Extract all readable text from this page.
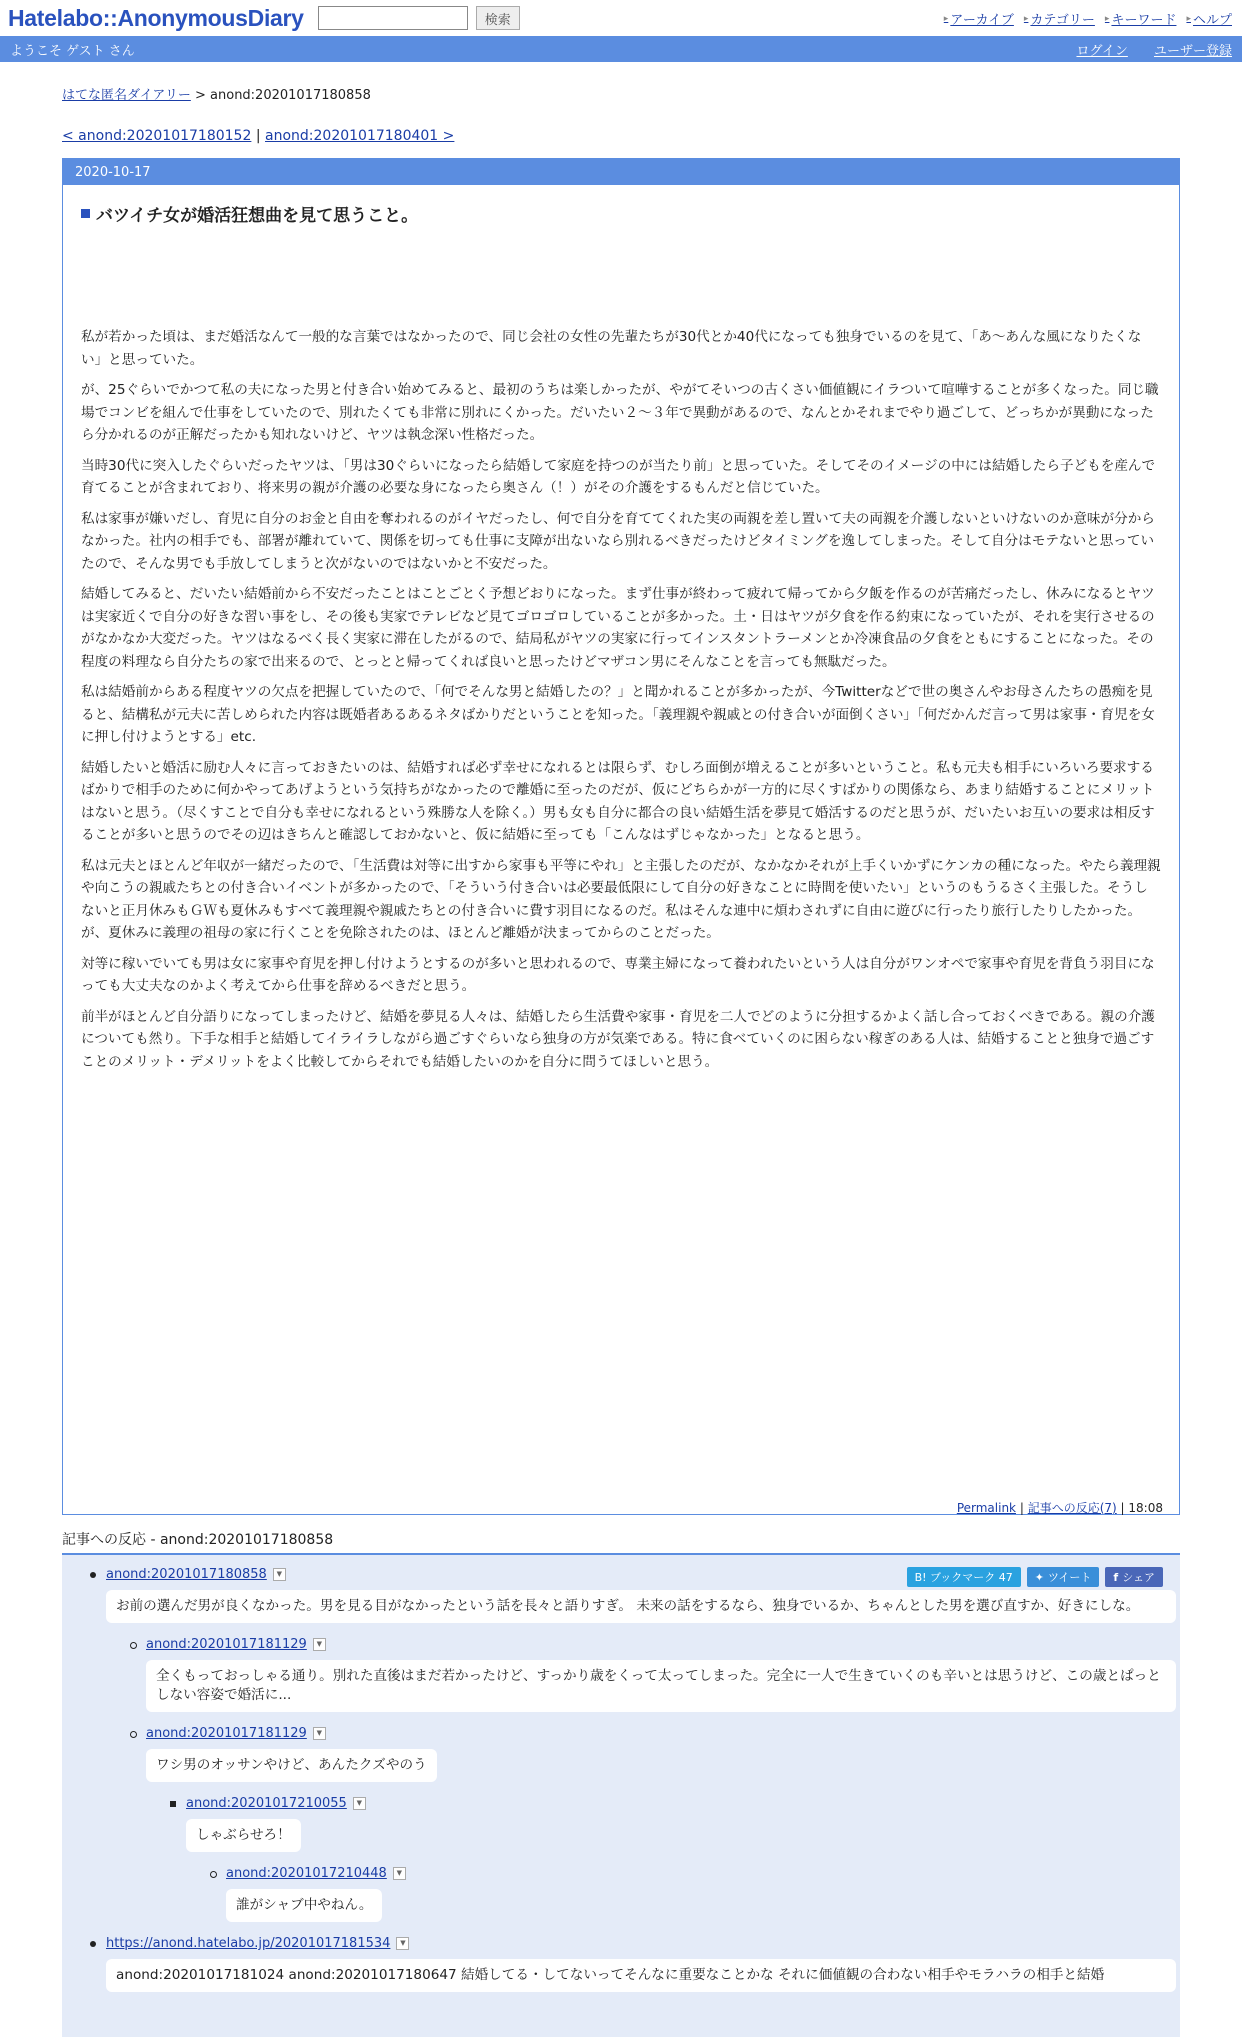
Hatelabo::AnonymousDiary	検索	▸ アーカイブ ▸ カテゴリー ▸ キーワード ▸ ヘルプ
ようこそ ゲスト さん	ログイン ユーザー登録
はてな匿名ダイアリー > anond:20201017180858
< anond:20201017180152 | anond:20201017180401 >
2020-10-17
バツイチ女が婚活狂想曲を見て思うこと。

私が若かった頃は、まだ婚活なんて一般的な言葉ではなかったので、同じ会社の女性の先輩たちが30代とか40代になっても独身でいるのを見て、「あ〜あんな風になりたくない」と思っていた。

が、25ぐらいでかつて私の夫になった男と付き合い始めてみると、最初のうちは楽しかったが、やがてそいつの古くさい価値観にイラついて喧嘩することが多くなった。同じ職場でコンビを組んで仕事をしていたので、別れたくても非常に別れにくかった。だいたい２〜３年で異動があるので、なんとかそれまでやり過ごして、どっちかが異動になったら分かれるのが正解だったかも知れないけど、ヤツは執念深い性格だった。

当時30代に突入したぐらいだったヤツは、「男は30ぐらいになったら結婚して家庭を持つのが当たり前」と思っていた。そしてそのイメージの中には結婚したら子どもを産んで育てることが含まれており、将来男の親が介護の必要な身になったら奥さん（！）がその介護をするもんだと信じていた。

私は家事が嫌いだし、育児に自分のお金と自由を奪われるのがイヤだったし、何で自分を育ててくれた実の両親を差し置いて夫の両親を介護しないといけないのか意味が分からなかった。社内の相手でも、部署が離れていて、関係を切っても仕事に支障が出ないなら別れるべきだったけどタイミングを逸してしまった。そして自分はモテないと思っていたので、そんな男でも手放してしまうと次がないのではないかと不安だった。

結婚してみると、だいたい結婚前から不安だったことはことごとく予想どおりになった。まず仕事が終わって疲れて帰ってから夕飯を作るのが苦痛だったし、休みになるとヤツは実家近くで自分の好きな習い事をし、その後も実家でテレビなど見てゴロゴロしていることが多かった。土・日はヤツが夕食を作る約束になっていたが、それを実行させるのがなかなか大変だった。ヤツはなるべく長く実家に滞在したがるので、結局私がヤツの実家に行ってインスタントラーメンとか冷凍食品の夕食をともにすることになった。その程度の料理なら自分たちの家で出来るので、とっとと帰ってくれば良いと思ったけどマザコン男にそんなことを言っても無駄だった。

私は結婚前からある程度ヤツの欠点を把握していたので、「何でそんな男と結婚したの？」と聞かれることが多かったが、今Twitterなどで世の奥さんやお母さんたちの愚痴を見ると、結構私が元夫に苦しめられた内容は既婚者あるあるネタばかりだということを知った。「義理親や親戚との付き合いが面倒くさい」「何だかんだ言って男は家事・育児を女に押し付けようとする」etc.

結婚したいと婚活に励む人々に言っておきたいのは、結婚すれば必ず幸せになれるとは限らず、むしろ面倒が増えることが多いということ。私も元夫も相手にいろいろ要求するばかりで相手のために何かやってあげようという気持ちがなかったので離婚に至ったのだが、仮にどちらかが一方的に尽くすばかりの関係なら、あまり結婚することにメリットはないと思う。（尽くすことで自分も幸せになれるという殊勝な人を除く。）男も女も自分に都合の良い結婚生活を夢見て婚活するのだと思うが、だいたいお互いの要求は相反することが多いと思うのでその辺はきちんと確認しておかないと、仮に結婚に至っても「こんなはずじゃなかった」となると思う。

私は元夫とほとんど年収が一緒だったので、「生活費は対等に出すから家事も平等にやれ」と主張したのだが、なかなかそれが上手くいかずにケンカの種になった。やたら義理親や向こうの親戚たちとの付き合いイベントが多かったので、「そういう付き合いは必要最低限にして自分の好きなことに時間を使いたい」というのもうるさく主張した。そうしないと正月休みもＧＷも夏休みもすべて義理親や親戚たちとの付き合いに費す羽目になるのだ。私はそんな連中に煩わされずに自由に遊びに行ったり旅行したりしたかった。が、夏休みに義理の祖母の家に行くことを免除されたのは、ほとんど離婚が決まってからのことだった。

対等に稼いでいても男は女に家事や育児を押し付けようとするのが多いと思われるので、専業主婦になって養われたいという人は自分がワンオペで家事や育児を背負う羽目になっても大丈夫なのかよく考えてから仕事を辞めるべきだと思う。

前半がほとんど自分語りになってしまったけど、結婚を夢見る人々は、結婚したら生活費や家事・育児を二人でどのように分担するかよく話し合っておくべきである。親の介護についても然り。下手な相手と結婚してイライラしながら過ごすぐらいなら独身の方が気楽である。特に食べていくのに困らない稼ぎのある人は、結婚することと独身で過ごすことのメリット・デメリットをよく比較してからそれでも結婚したいのかを自分に問うてほしいと思う。

Permalink | 記事への反応(7) | 18:08
B! ブックマーク 47	✦ ツイート f シェア
記事への反応 - anond:20201017180858
anond:20201017180858	▼
お前の選んだ男が良くなかった。男を見る目がなかったという話を長々と語りすぎ。 未来の話をするなら、独身でいるか、ちゃんとした男を選び直すか、好きにしな。
anond:20201017181129	▼
全くもっておっしゃる通り。別れた直後はまだ若かったけど、すっかり歳をくって太ってしまった。完全に一人で生きていくのも辛いとは思うけど、この歳とぱっとしない容姿で婚活に...
anond:20201017181129	▼
ワシ男のオッサンやけど、あんたクズやのう
anond:20201017210055	▼
しゃぶらせろ！
anond:20201017210448	▼
誰がシャブ中やねん。
https://anond.hatelabo.jp/20201017181534	▼
anond:20201017181024 anond:20201017180647 結婚してる・してないってそんなに重要なことかな それに価値観の合わない相手やモラハラの相手と結婚
